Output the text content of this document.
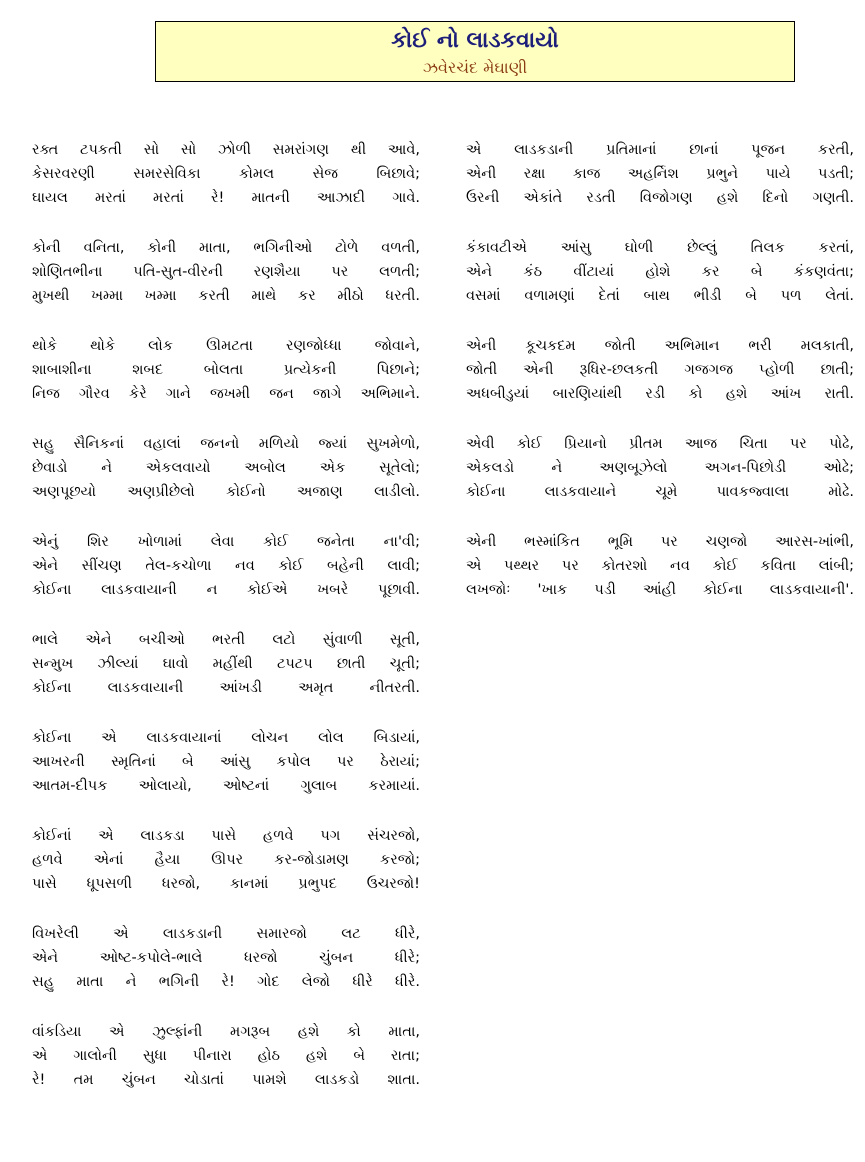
કોઈ નો લાડકવાયો
ઝવેરચંદ મેઘાણી
રક્ત ટપકતી સો સો ઝોળી સમરાંગણ થી આવે,
કેસરવરણી સમરસેવિકા કોમલ સેજ બિછાવે;
ઘાયલ મરતાં મરતાં રે! માતની આઝાદી ગાવે.
કોની વનિતા, કોની માતા, ભગિનીઓ ટોળે વળતી,
શોણિતભીના પતિ-સુત-વીરની રણશૈયા પર લળતી;
મુખથી ખમ્મા ખમ્મા કરતી માથે કર મીઠો ધરતી.
થોકે થોકે લોક ઊમટતા રણજોધ્ધા જોવાને,
શાબાશીના શબદ બોલતા પ્રત્યેકની પિછાને;
નિજ ગૌરવ કેરે ગાને જખમી જન જાગે અભિમાને.
સહુ સૈનિકનાં વહાલાં જનનો મળિયો જ્યાં સુખમેળો,
છેવાડો ને એકલવાયો અબોલ એક સૂતેલો;
અણપૂછયો અણપ્રીછેલો કોઈનો અજાણ લાડીલો.
એનું શિર ખોળામાં લેવા કોઈ જનેતા ના'વી;
એને સીંચણ તેલ-કચોળા નવ કોઈ બહેની લાવી;
કોઈના લાડકવાયાની ન કોઈએ ખબરે પૂછાવી.
ભાલે એને બચીઓ ભરતી લટો સુંવાળી સૂતી,
સન્મુખ ઝીલ્યાં ઘાવો મહીંથી ટપટપ છાતી ચૂતી;
કોઈના લાડકવાયાની આંખડી અમૃત નીતરતી.
કોઈના એ લાડકવાયાનાં લોચન લોલ બિડાયાં,
આખરની સ્મૃતિનાં બે આંસુ કપોલ પર ઠેરાયાં;
આતમ-દીપક ઓલાયો, ઓષ્ટનાં ગુલાબ કરમાયાં.
કોઈનાં એ લાડકડા પાસે હળવે પગ સંચરજો,
હળવે એનાં હૈયા ઊપર કર-જોડામણ કરજો;
પાસે ધૂપસળી ધરજો, કાનમાં પ્રભુપદ ઉચરજો!
વિખરેલી એ લાડકડાની સમારજો લટ ધીરે,
એને ઓષ્ટ-કપોલે-ભાલે ધરજો ચુંબન ધીરે;
સહુ માતા ને ભગિની રે! ગોદ લેજો ધીરે ધીરે.
વાંકડિયા એ ઝુલ્ફાંની મગરૂબ હશે કો માતા,
એ ગાલોની સુધા પીનારા હોઠ હશે બે રાતા;
રે! તમ ચુંબન ચોડાતાં પામશે લાડકડો શાતા.
એ લાડકડાની પ્રતિમાનાં છાનાં પૂજન કરતી,
એની રક્ષા કાજ અહર્નિશ પ્રભુને પાયે પડતી;
ઉરની એકાંતે રડતી વિજોગણ હશે દિનો ગણતી.
કંકાવટીએ આંસુ ઘોળી છેલ્લું તિલક કરતાં,
એને કંઠ વીંટાયાં હોશે કર બે કંકણવંતા;
વસમાં વળામણાં દેતાં બાથ ભીડી બે પળ લેતાં.
એની કૂચકદમ જોતી અભિમાન ભરી મલકાતી,
જોતી એની રૂધિર-છલકતી ગજગજ પ્હોળી છાતી;
અધબીડુયાં બારણિયાંથી રડી કો હશે આંખ રાતી.
એવી કોઈ પ્રિયાનો પ્રીતમ આજ ચિતા પર પોઢે,
એકલડો ને અણબૂઝેલો અગન-પિછોડી ઓઢે;
કોઈના લાડકવાયાને ચૂમે પાવકજ્વાલા મોઢે.
એની ભસ્માંકિત ભૂમિ પર ચણજો આરસ-ખાંભી,
એ પથ્થર પર કોતરશો નવ કોઈ કવિતા લાંબી;
લખજોઃ 'ખાક પડી આંહી કોઈના લાડકવાયાની'.
